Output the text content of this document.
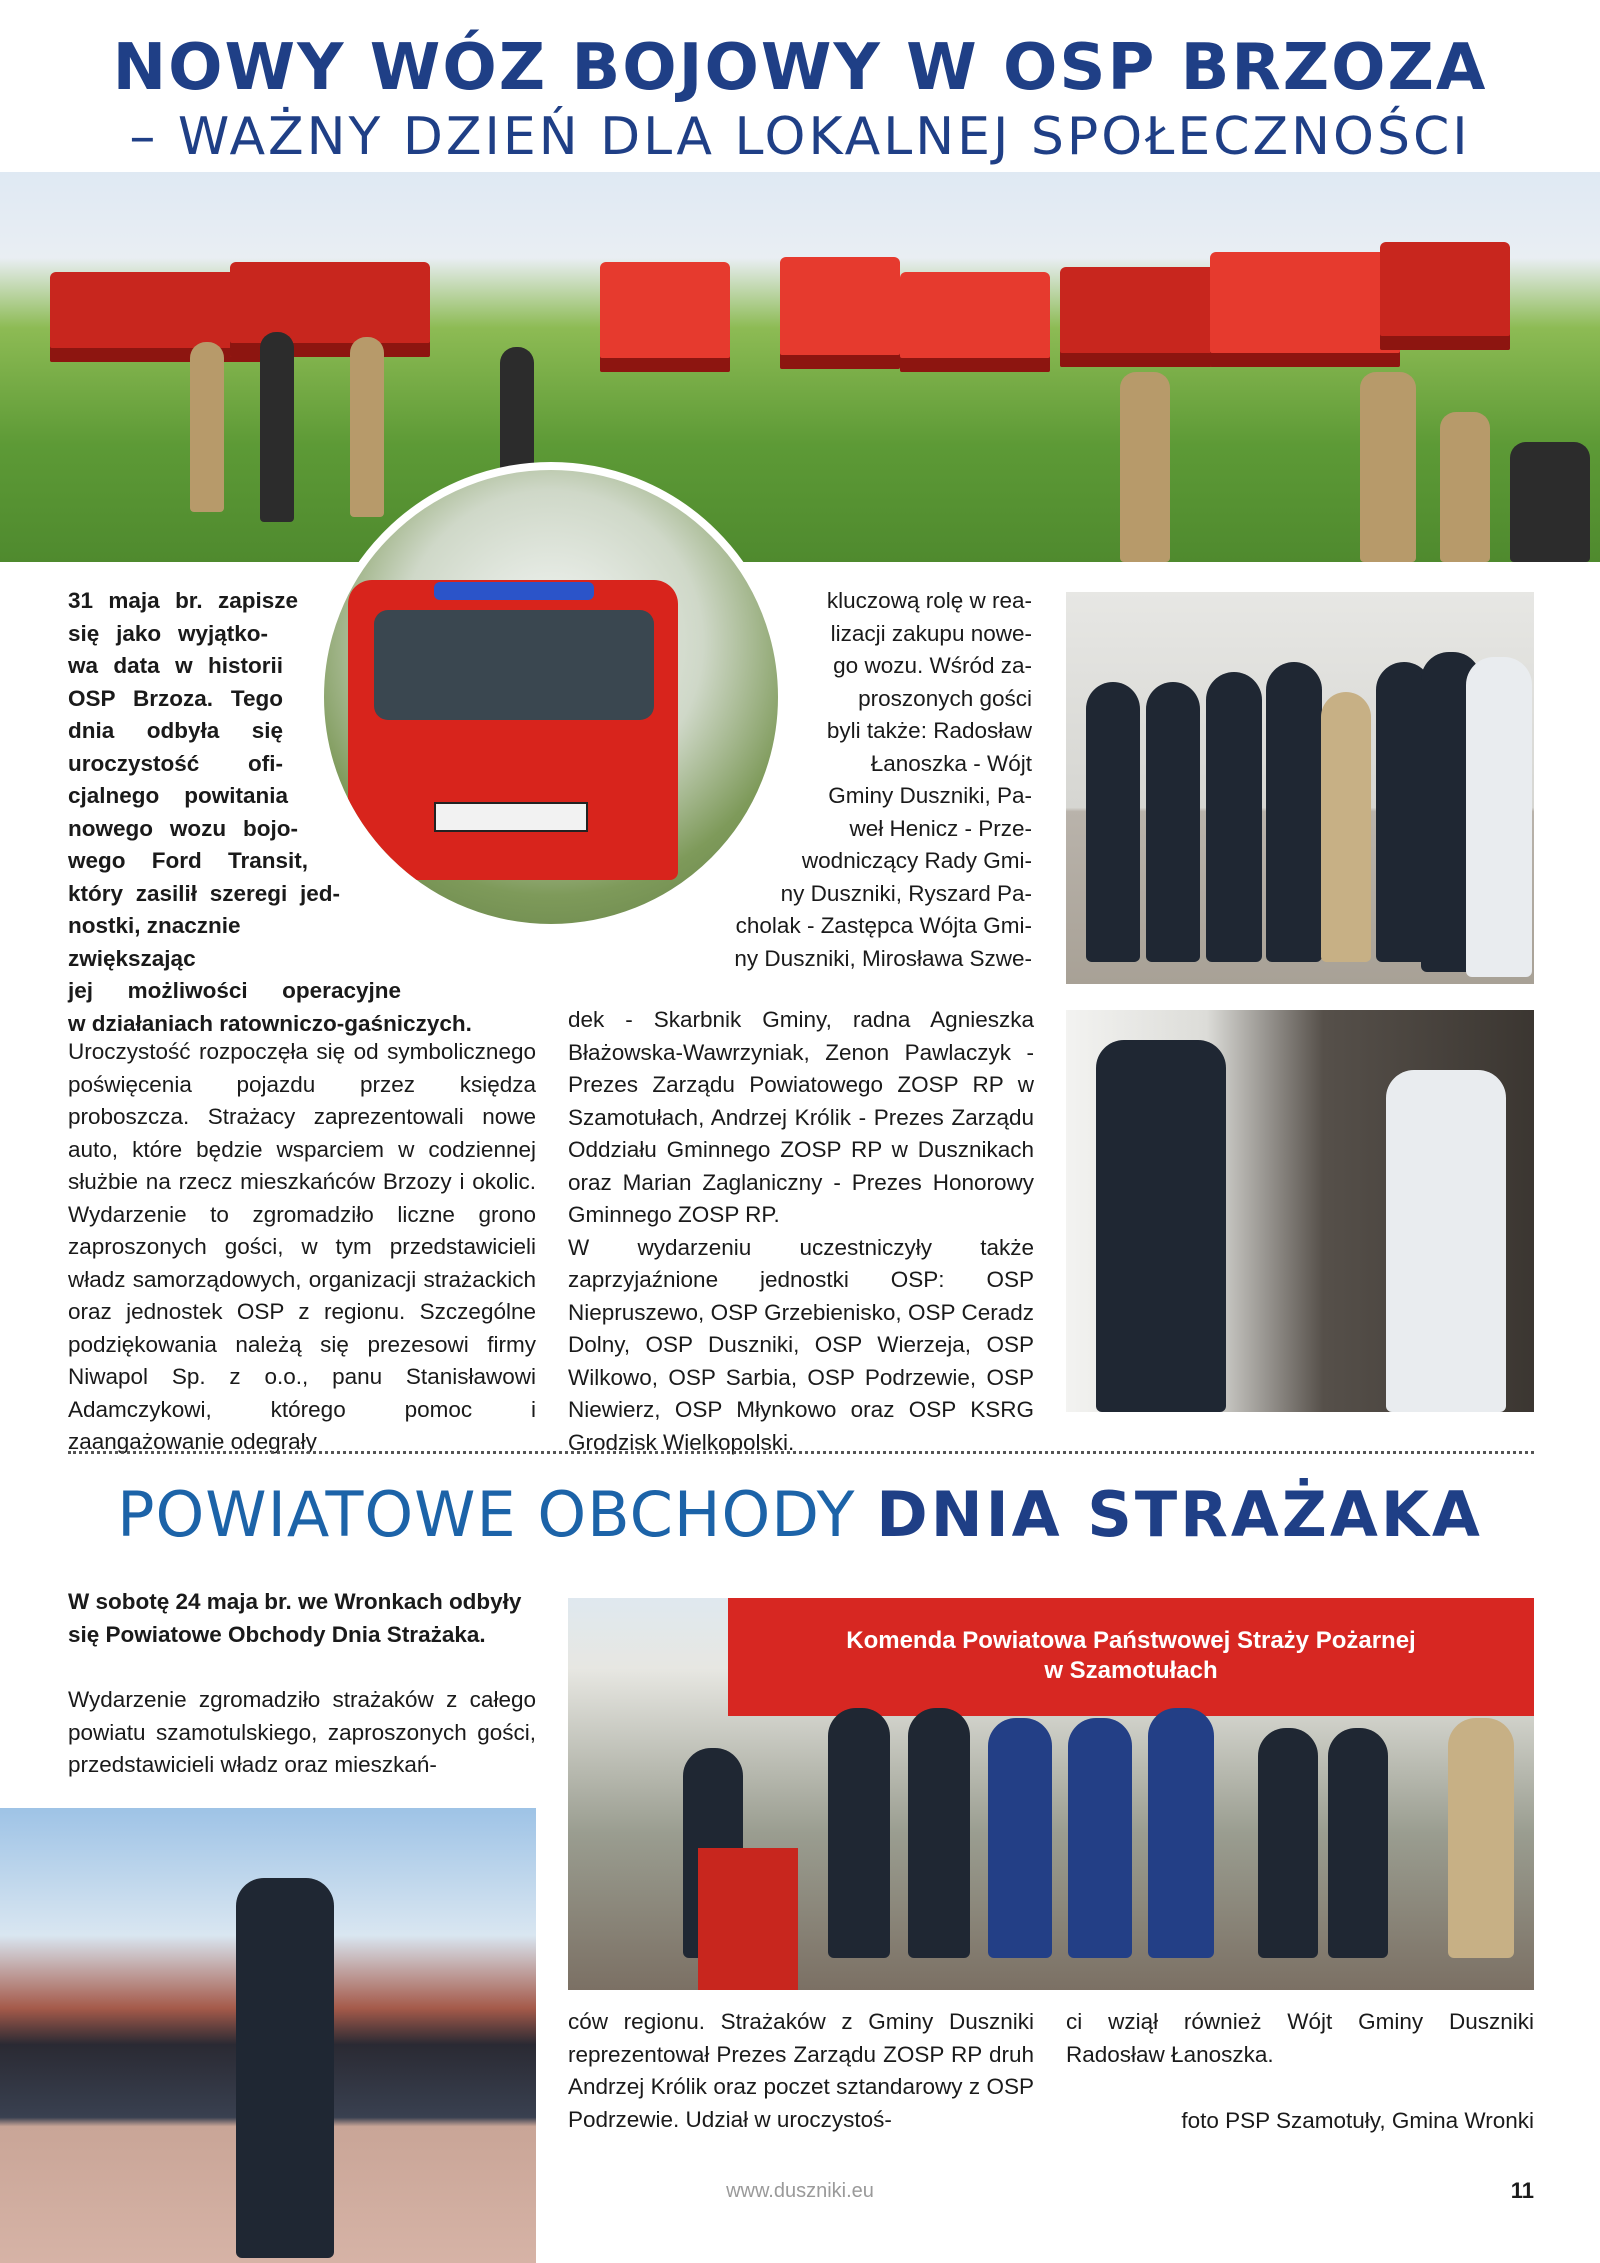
NOWY WÓZ BOJOWY W OSP BRZOZA
– WAŻNY DZIEŃ DLA LOKALNEJ SPOŁECZNOŚCI
31 maja br. zapisze
się jako wyjątko-
wa data w historii
OSP Brzoza. Tego
dnia odbyła się
uroczystość ofi-
cjalnego powitania
nowego wozu bojo-
wego Ford Transit,
który zasilił szeregi jed-
nostki, znacznie zwiększając
jej możliwości operacyjne
w działaniach ratowniczo-gaśniczych.
Uroczystość rozpoczęła się od symbolicznego poświęcenia pojazdu przez księdza proboszcza. Strażacy zaprezentowali nowe auto, które będzie wsparciem w codziennej służbie na rzecz mieszkańców Brzozy i okolic. Wydarzenie to zgromadziło liczne grono zaproszonych gości, w tym przedstawicieli władz samorządowych, organizacji strażackich oraz jednostek OSP z regionu. Szczególne podziękowania należą się prezesowi firmy Niwapol Sp. z o.o., panu Stanisławowi Adamczykowi, którego pomoc i zaangażowanie odegrały
kluczową rolę w rea-
lizacji zakupu nowe-
go wozu. Wśród za-
proszonych gości
byli także: Radosław
Łanoszka - Wójt
Gminy Duszniki, Pa-
weł Henicz - Prze-
wodniczący Rady Gmi-
ny Duszniki, Ryszard Pa-
cholak - Zastępca Wójta Gmi-
ny Duszniki, Mirosława Szwe-
dek - Skarbnik Gminy, radna Agnieszka Błażowska-Wawrzyniak, Zenon Pawlaczyk - Prezes Zarządu Powiatowego ZOSP RP w Szamotułach, Andrzej Królik - Prezes Zarządu Oddziału Gminnego ZOSP RP w Dusznikach oraz Marian Zaglaniczny - Prezes Honorowy Gminnego ZOSP RP.
W wydarzeniu uczestniczyły także zaprzyjaźnione jednostki OSP: OSP Niepruszewo, OSP Grzebienisko, OSP Ceradz Dolny, OSP Duszniki, OSP Wierzeja, OSP Wilkowo, OSP Sarbia, OSP Podrzewie, OSP Niewierz, OSP Młynkowo oraz OSP KSRG Grodzisk Wielkopolski.
POWIATOWE OBCHODY DNIA STRAŻAKA
W sobotę 24 maja br. we Wronkach odbyły się Powiatowe Obchody Dnia Strażaka.
Wydarzenie zgromadziło strażaków z całego powiatu szamotulskiego, zaproszonych gości, przedstawicieli władz oraz mieszkań-
Komenda Powiatowa Państwowej Straży Pożarnej
w Szamotułach
ców regionu. Strażaków z Gminy Duszniki reprezentował Prezes Zarządu ZOSP RP druh Andrzej Królik oraz poczet sztandarowy z OSP Podrzewie. Udział w uroczystoś-
ci wziął również Wójt Gminy Duszniki Radosław Łanoszka.
foto PSP Szamotuły, Gmina Wronki
www.duszniki.eu	11
